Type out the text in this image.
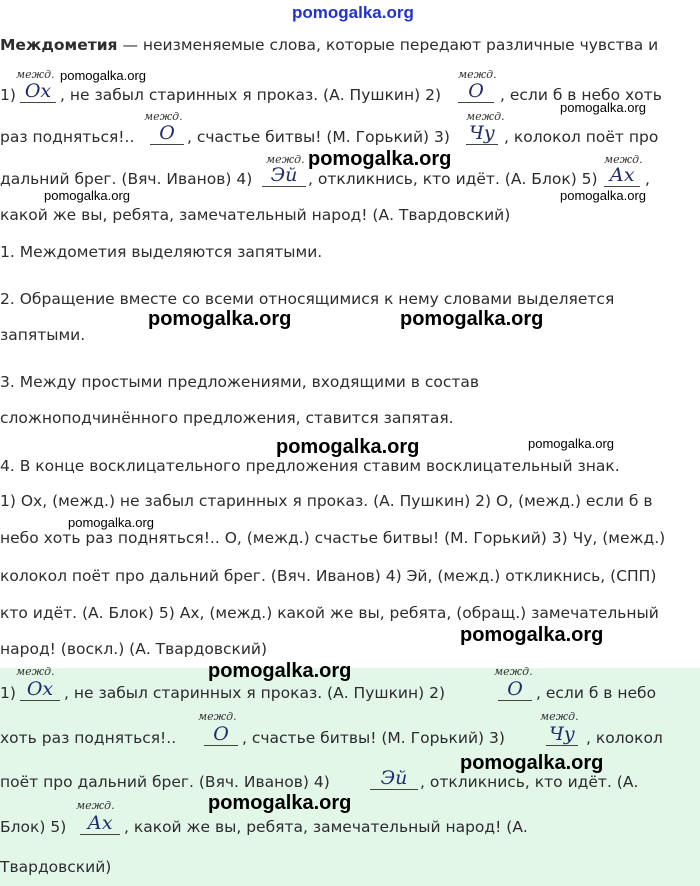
pomogalka.org
Междометия — неизменяемые слова, которые передают различные чувства и
межд.	межд.
1) Ох , не забыл старинных я проказ. (А. Пушкин) 2)	О	, если б в небо хоть
межд.	межд.
раз подняться!..	О , счастье битвы! (М. Горький) 3) Чу , колокол поёт про
межд.	межд.
дальний брег. (Вяч. Иванов) 4) Эй , откликнись, кто идёт. (А. Блок) 5) Ах ,
какой же вы, ребята, замечательный народ! (А. Твардовский)
1. Междометия выделяются запятыми.
2. Обращение вместе со всеми относящимися к нему словами выделяется
запятыми.
3. Между простыми предложениями, входящими в состав
сложноподчинённого предложения, ставится запятая.
4. В конце восклицательного предложения ставим восклицательный знак.
1) Ох, (межд.) не забыл старинных я проказ. (А. Пушкин) 2) О, (межд.) если б в
небо хоть раз подняться!.. О, (межд.) счастье битвы! (М. Горький) 3) Чу, (межд.)
колокол поёт про дальний брег. (Вяч. Иванов) 4) Эй, (межд.) откликнись, (СПП)
кто идёт. (А. Блок) 5) Ах, (межд.) какой же вы, ребята, (обращ.) замечательный
народ! (воскл.) (А. Твардовский)
межд.	межд.
1) Ох , не забыл старинных я проказ. (А. Пушкин) 2)	О , если б в небо
межд.	межд.
хоть раз подняться!..	О , счастье битвы! (М. Горький) 3) Чу , колокол
поёт про дальний брег. (Вяч. Иванов) 4)	Эй , откликнись, кто идёт. (А.
межд.
Блок) 5)	Ах , какой же вы, ребята, замечательный народ! (А.
Твардовский)
pomogalka.org
pomogalka.org
pomogalka.org
pomogalka.org	pomogalka.org
pomogalka.org	pomogalka.org
pomogalka.org	pomogalka.org
pomogalka.org
pomogalka.org
pomogalka.org
pomogalka.org
pomogalka.org
